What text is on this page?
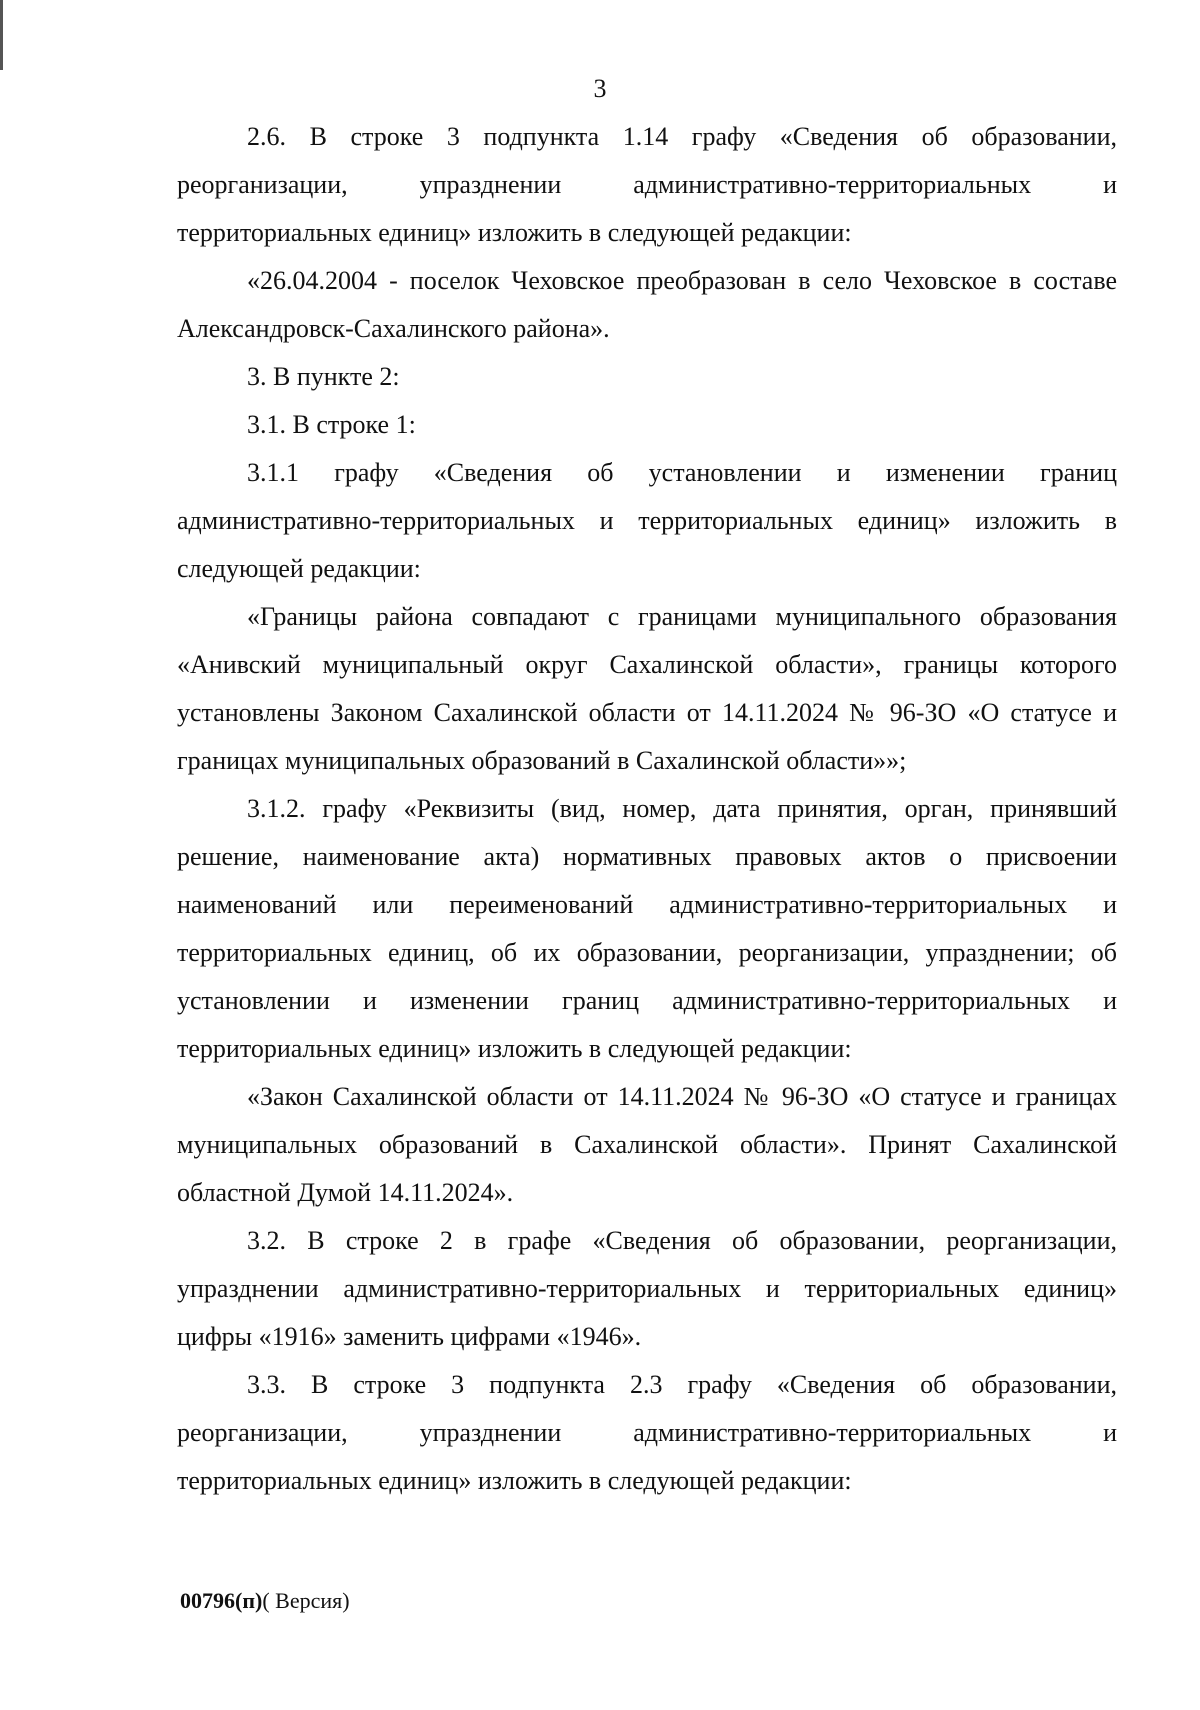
3

2.6. В строке 3 подпункта 1.14 графу «Сведения об образовании, реорганизации, упразднении административно-территориальных и территориальных единиц» изложить в следующей редакции:

«26.04.2004 - поселок Чеховское преобразован в село Чеховское в составе Александровск-Сахалинского района».

3. В пункте 2:

3.1. В строке 1:

3.1.1 графу «Сведения об установлении и изменении границ административно-территориальных и территориальных единиц» изложить в следующей редакции:

«Границы района совпадают с границами муниципального образования «Анивский муниципальный округ Сахалинской области», границы которого установлены Законом Сахалинской области от 14.11.2024 № 96-ЗО «О статусе и границах муниципальных образований в Сахалинской области»»;

3.1.2. графу «Реквизиты (вид, номер, дата принятия, орган, принявший решение, наименование акта) нормативных правовых актов о присвоении наименований или переименований административно-территориальных и территориальных единиц, об их образовании, реорганизации, упразднении; об установлении и изменении границ административно-территориальных и территориальных единиц» изложить в следующей редакции:

«Закон Сахалинской области от 14.11.2024 № 96-ЗО «О статусе и границах муниципальных образований в Сахалинской области». Принят Сахалинской областной Думой 14.11.2024».

3.2. В строке 2 в графе «Сведения об образовании, реорганизации, упразднении административно-территориальных и территориальных единиц» цифры «1916» заменить цифрами «1946».

3.3. В строке 3 подпункта 2.3 графу «Сведения об образовании, реорганизации, упразднении административно-территориальных и территориальных единиц» изложить в следующей редакции:

00796(п)( Версия)
